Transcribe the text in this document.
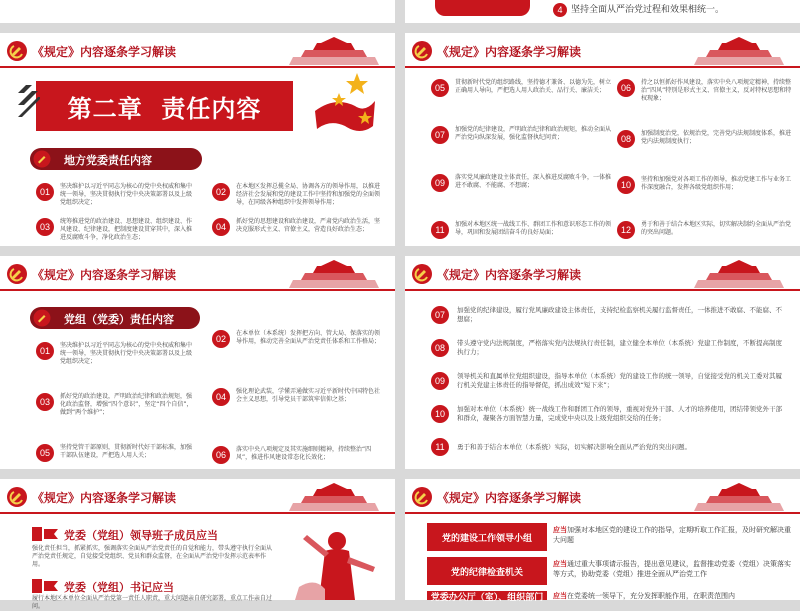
4 坚持全面从严治党过程和效果相统一。
《规定》内容逐条学习解读
第二章  责任内容
地方党委责任内容
01
坚决维护以习近平同志为核心的党中央权威和集中统一领导，坚决贯彻执行党中央决策部署以及上级党组织决定；
02
在本地区发挥总揽全局、协调各方的领导作用，以推进经济社会发展和党的建设工作中坚持和加强党的全面领导，在同级各种组织中发挥领导作用；
03
统筹推进党的政治建设、思想建设、组织建设、作风建设、纪律建设，把制度建设贯穿其中，深入推进反腐败斗争，净化政治生态；
04
抓好党的思想建设和政治建设，严肃党内政治生活，坚决克服形式主义、官僚主义，营造良好政治生态；
《规定》内容逐条学习解读
05
贯彻新时代党的组织路线，坚持德才兼备、以德为先，树立正确用人导向，严把选人用人政治关、品行关、廉洁关；
07
加强党的纪律建设，严明政治纪律和政治规矩，推动全面从严治党向纵深发展，强化监督执纪问责；
09
落实党风廉政建设主体责任，深入推进反腐败斗争，一体推进不敢腐、不能腐、不想腐；
11
加强对本地区统一战线工作、群团工作和意识形态工作的领导，巩固和发展团结奋斗的良好局面；
06
持之以恒抓好作风建设，落实中央八项规定精神，持续整治“四风”特别是形式主义、官僚主义，反对特权思想和特权现象；
08
加强制度治党，依规治党，完善党内法规制度体系，推进党内法规制度执行；
10
坚持和加强党对各项工作的领导，推动党建工作与业务工作深度融合，发挥各级党组织作用；
12
勇于和善于结合本地区实际，切实解决制约全面从严治党的突出问题。
《规定》内容逐条学习解读
党组（党委）责任内容
01
坚决维护以习近平同志为核心的党中央权威和集中统一领导，坚决贯彻执行党中央决策部署以及上级党组织决定；
03
抓好党的政治建设，严明政治纪律和政治规矩，强化政治监督，增强“四个意识”，坚定“四个自信”，做到“两个维护”；
05
坚持党管干部原则，贯彻新时代好干部标准，加强干部队伍建设，严把选人用人关；
02
在本单位（本系统）发挥把方向、管大局、保落实的领导作用，推动完善全面从严治党责任体系和工作格局；
04
强化理论武装，学懂弄通做实习近平新时代中国特色社会主义思想，引导党员干部筑牢信仰之基；
06
落实中央八项规定及其实施细则精神，持续整治“四风”，推进作风建设常态化长效化；
《规定》内容逐条学习解读
07	加强党的纪律建设，履行党风廉政建设主体责任，支持纪检监察机关履行监督责任，一体推进不敢腐、不能腐、不想腐；
08	带头遵守党内法规制度，严格落实党内法规执行责任制，建立健全本单位（本系统）党建工作制度，不断提高制度执行力；
09	领导机关和直属单位党组织建设，指导本单位（本系统）党的建设工作的统一领导，自觉接受党的机关工委对其履行机关党建主体责任的指导督促，抓出成效“短下来”；
10	加强对本单位（本系统）统一战线工作和群团工作的领导，重视对党外干部、人才的培养使用，团结带领党外干部和群众，凝聚各方面智慧力量，完成党中央以及上级党组织交给的任务；
11	勇于和善于结合本单位（本系统）实际，切实解决影响全面从严治党的突出问题。
《规定》内容逐条学习解读
党委（党组）领导班子成员应当
强化责任担当，抓紧抓实，强调落实全面从严治党责任的自觉和能力，带头遵守执行全面从严治党责任规定，自觉接受党组织、党员和群众监督，在全面从严治党中发挥示范表率作用。
党委（党组）书记应当
履行本地区本单位全面从严治党第一责任人职责，重大问题亲自研究部署，重点工作亲自过问。
《规定》内容逐条学习解读
党的建设工作领导小组
应当加强对本地区党的建设工作的指导，定期听取工作汇报，及时研究解决重大问题
党的纪律检查机关
应当通过重大事项请示报告，提出意见建议，监督推动党委（党组）决策落实等方式，协助党委（党组）推进全面从严治党工作
党委办公厅（室）、组织部门	应当在党委统一领导下，充分发挥职能作用，在职责范围内
